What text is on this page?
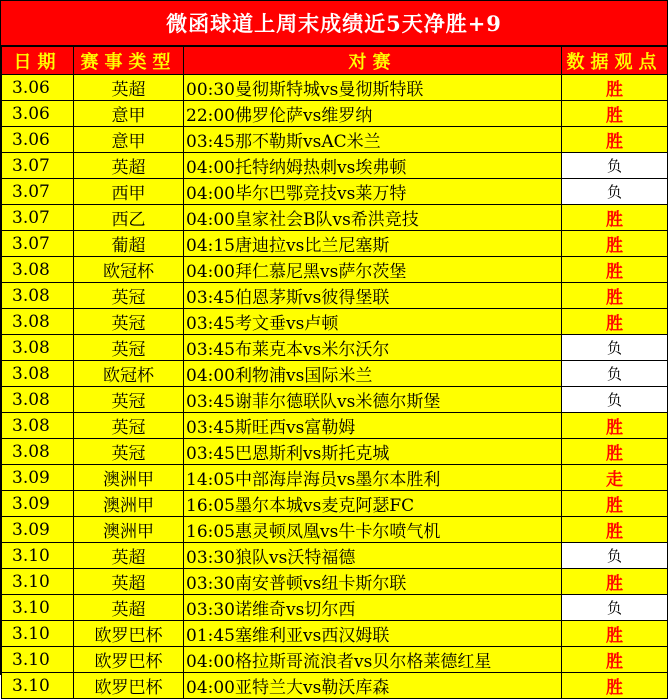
微函球道上周末成绩近5天净胜+9
日期	赛事类型	对赛	数据观点
3.06	英超	00:30曼彻斯特城vs曼彻斯特联	胜
3.06	意甲	22:00佛罗伦萨vs维罗纳	胜
3.06	意甲	03:45那不勒斯vsAC米兰	胜
3.07	英超	04:00托特纳姆热刺vs埃弗顿	负
3.07	西甲	04:00毕尔巴鄂竞技vs莱万特	负
3.07	西乙	04:00皇家社会B队vs希洪竞技	胜
3.07	葡超	04:15唐迪拉vs比兰尼塞斯	胜
3.08	欧冠杯	04:00拜仁慕尼黑vs萨尔茨堡	胜
3.08	英冠	03:45伯恩茅斯vs彼得堡联	胜
3.08	英冠	03:45考文垂vs卢顿	胜
3.08	英冠	03:45布莱克本vs米尔沃尔	负
3.08	欧冠杯	04:00利物浦vs国际米兰	负
3.08	英冠	03:45谢菲尔德联队vs米德尔斯堡	负
3.08	英冠	03:45斯旺西vs富勒姆	胜
3.08	英冠	03:45巴恩斯利vs斯托克城	胜
3.09	澳洲甲	14:05中部海岸海员vs墨尔本胜利	走
3.09	澳洲甲	16:05墨尔本城vs麦克阿瑟FC	胜
3.09	澳洲甲	16:05惠灵顿凤凰vs牛卡尔喷气机	胜
3.10	英超	03:30狼队vs沃特福德	负
3.10	英超	03:30南安普顿vs纽卡斯尔联	胜
3.10	英超	03:30诺维奇vs切尔西	负
3.10	欧罗巴杯	01:45塞维利亚vs西汉姆联	胜
3.10	欧罗巴杯	04:00格拉斯哥流浪者vs贝尔格莱德红星	胜
3.10	欧罗巴杯	04:00亚特兰大vs勒沃库森	胜
